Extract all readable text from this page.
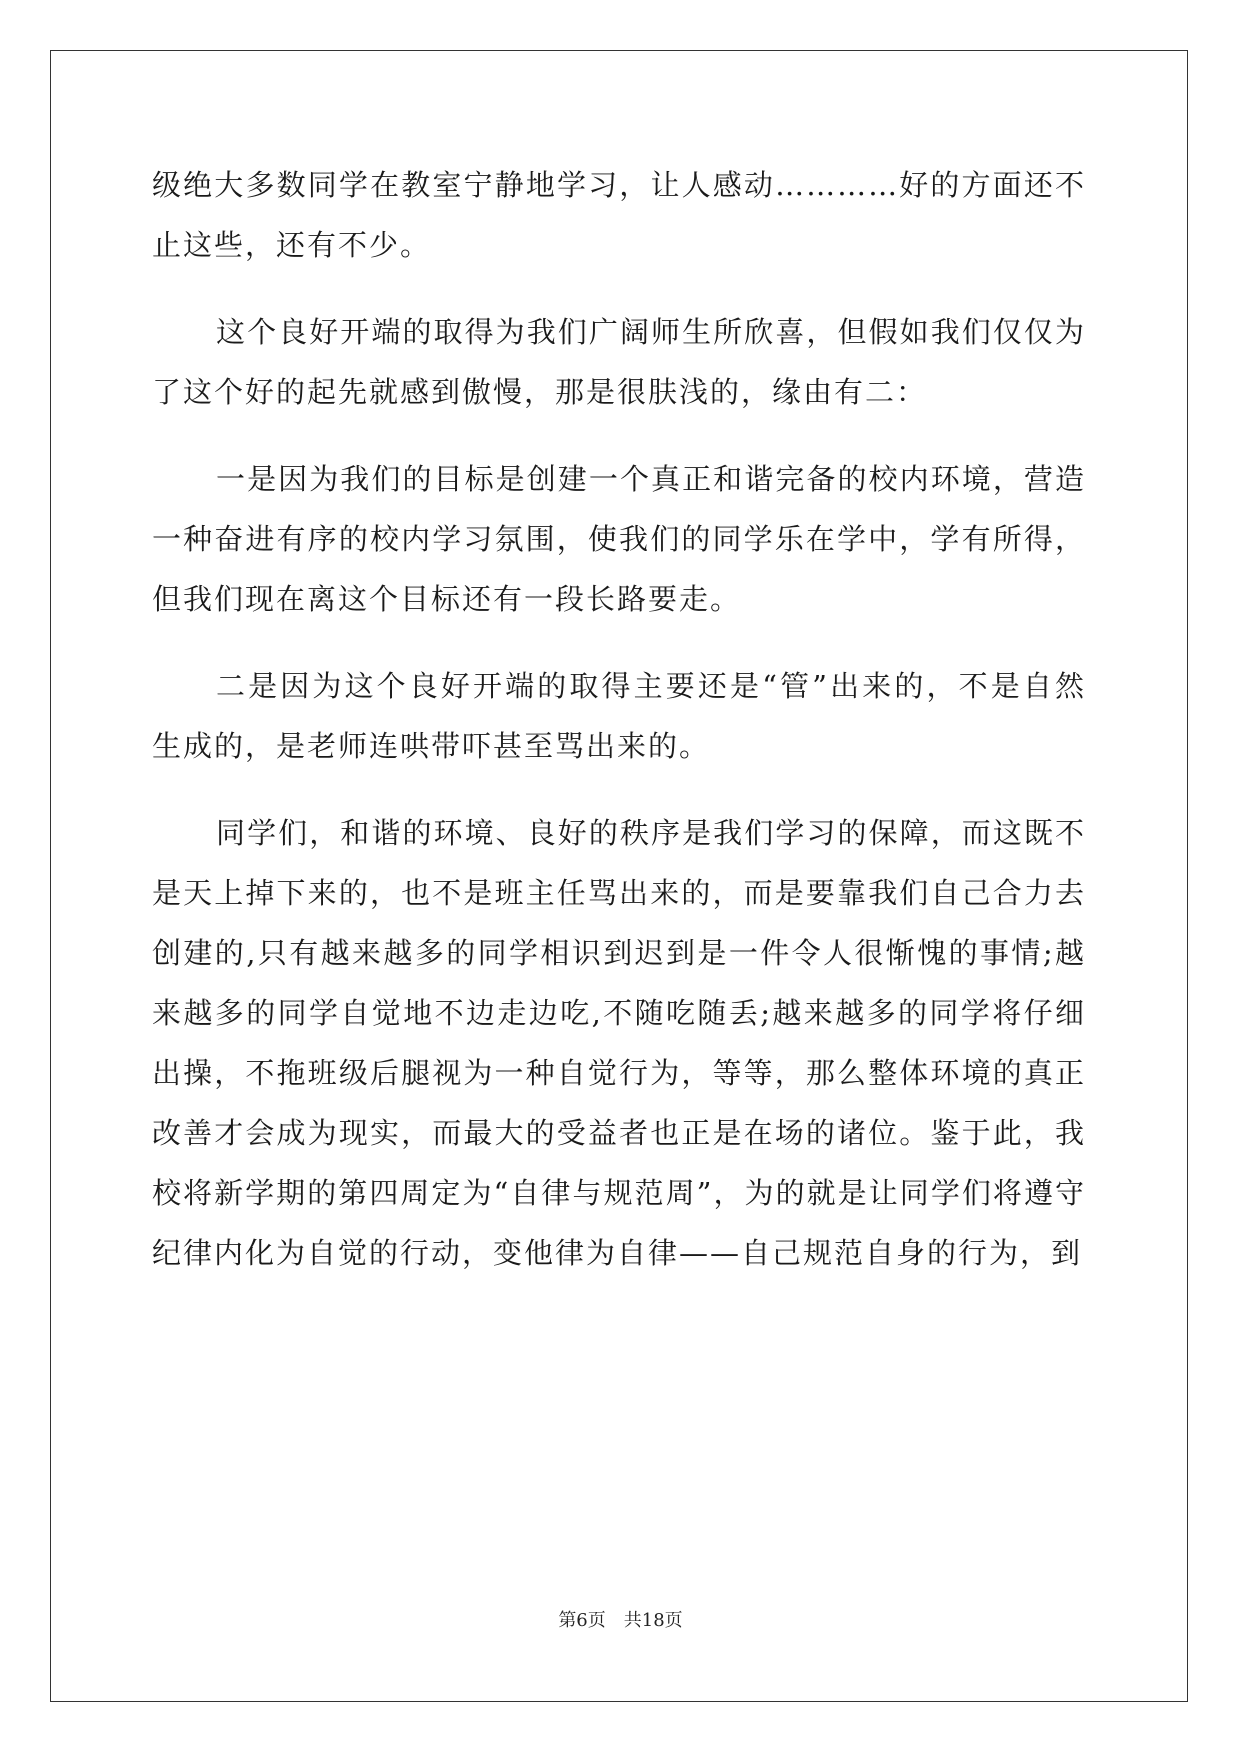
级绝大多数同学在教室宁静地学习，让人感动…………好的方面还不止这些，还有不少。

这个良好开端的取得为我们广阔师生所欣喜，但假如我们仅仅为了这个好的起先就感到傲慢，那是很肤浅的，缘由有二：

一是因为我们的目标是创建一个真正和谐完备的校内环境，营造一种奋进有序的校内学习氛围，使我们的同学乐在学中，学有所得，但我们现在离这个目标还有一段长路要走。

二是因为这个良好开端的取得主要还是“管”出来的，不是自然生成的，是老师连哄带吓甚至骂出来的。

同学们，和谐的环境、良好的秩序是我们学习的保障，而这既不是天上掉下来的，也不是班主任骂出来的，而是要靠我们自己合力去创建的,只有越来越多的同学相识到迟到是一件令人很惭愧的事情;越来越多的同学自觉地不边走边吃,不随吃随丢;越来越多的同学将仔细出操，不拖班级后腿视为一种自觉行为，等等，那么整体环境的真正改善才会成为现实，而最大的受益者也正是在场的诸位。鉴于此，我校将新学期的第四周定为“自律与规范周”，为的就是让同学们将遵守纪律内化为自觉的行动，变他律为自律——自己规范自身的行为，到

第6页　共18页
